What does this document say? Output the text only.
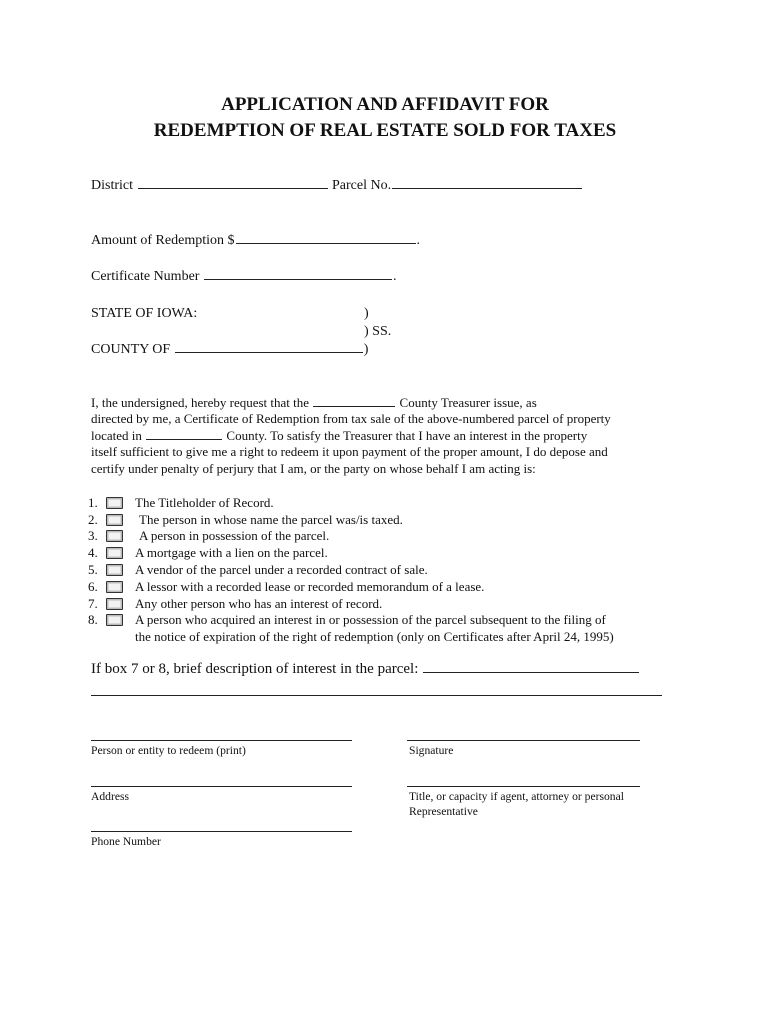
APPLICATION AND AFFIDAVIT FOR
REDEMPTION OF REAL ESTATE SOLD FOR TAXES
District	Parcel No.
Amount of Redemption $	.
Certificate Number	.
STATE OF IOWA:	)
) SS.
COUNTY OF	)
I, the undersigned, hereby request that the	County Treasurer issue, as
directed by me, a Certificate of Redemption from tax sale of the above-numbered parcel of property
located in	County. To satisfy the Treasurer that I have an interest in the property
itself sufficient to give me a right to redeem it upon payment of the proper amount, I do depose and
certify under penalty of perjury that I am, or the party on whose behalf I am acting is:
1.	The Titleholder of Record.
2.	The person in whose name the parcel was/is taxed.
3.	A person in possession of the parcel.
4.	A mortgage with a lien on the parcel.
5.	A vendor of the parcel under a recorded contract of sale.
6.	A lessor with a recorded lease or recorded memorandum of a lease.
7.	Any other person who has an interest of record.
8.	A person who acquired an interest in or possession of the parcel subsequent to the filing of
the notice of expiration of the right of redemption (only on Certificates after April 24, 1995)
If box 7 or 8, brief description of interest in the parcel:
Person or entity to redeem (print)	Signature
Address	Title, or capacity if agent, attorney or personal
Representative
Phone Number
